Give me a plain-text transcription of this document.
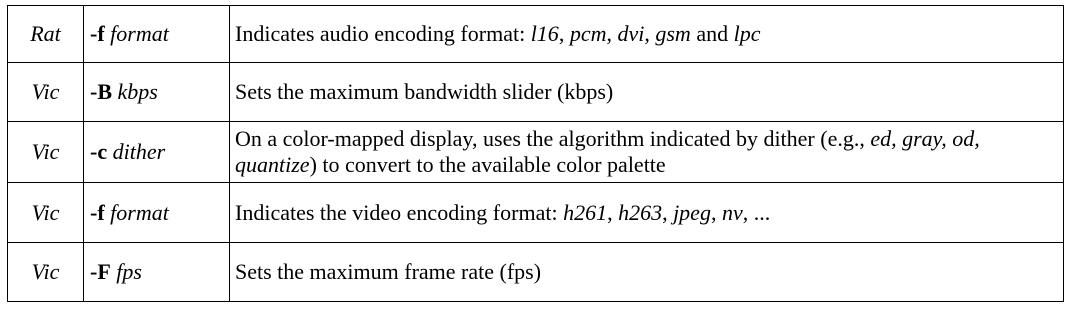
Rat	-f format	Indicates audio encoding format: l16, pcm, dvi, gsm and lpc
Vic	-B kbps	Sets the maximum bandwidth slider (kbps)
Vic	-c dither	On a color-mapped display, uses the algorithm indicated by dither (e.g., ed, gray, od, quantize) to convert to the available color palette
Vic	-f format	Indicates the video encoding format: h261, h263, jpeg, nv, ...
Vic	-F fps	Sets the maximum frame rate (fps)
